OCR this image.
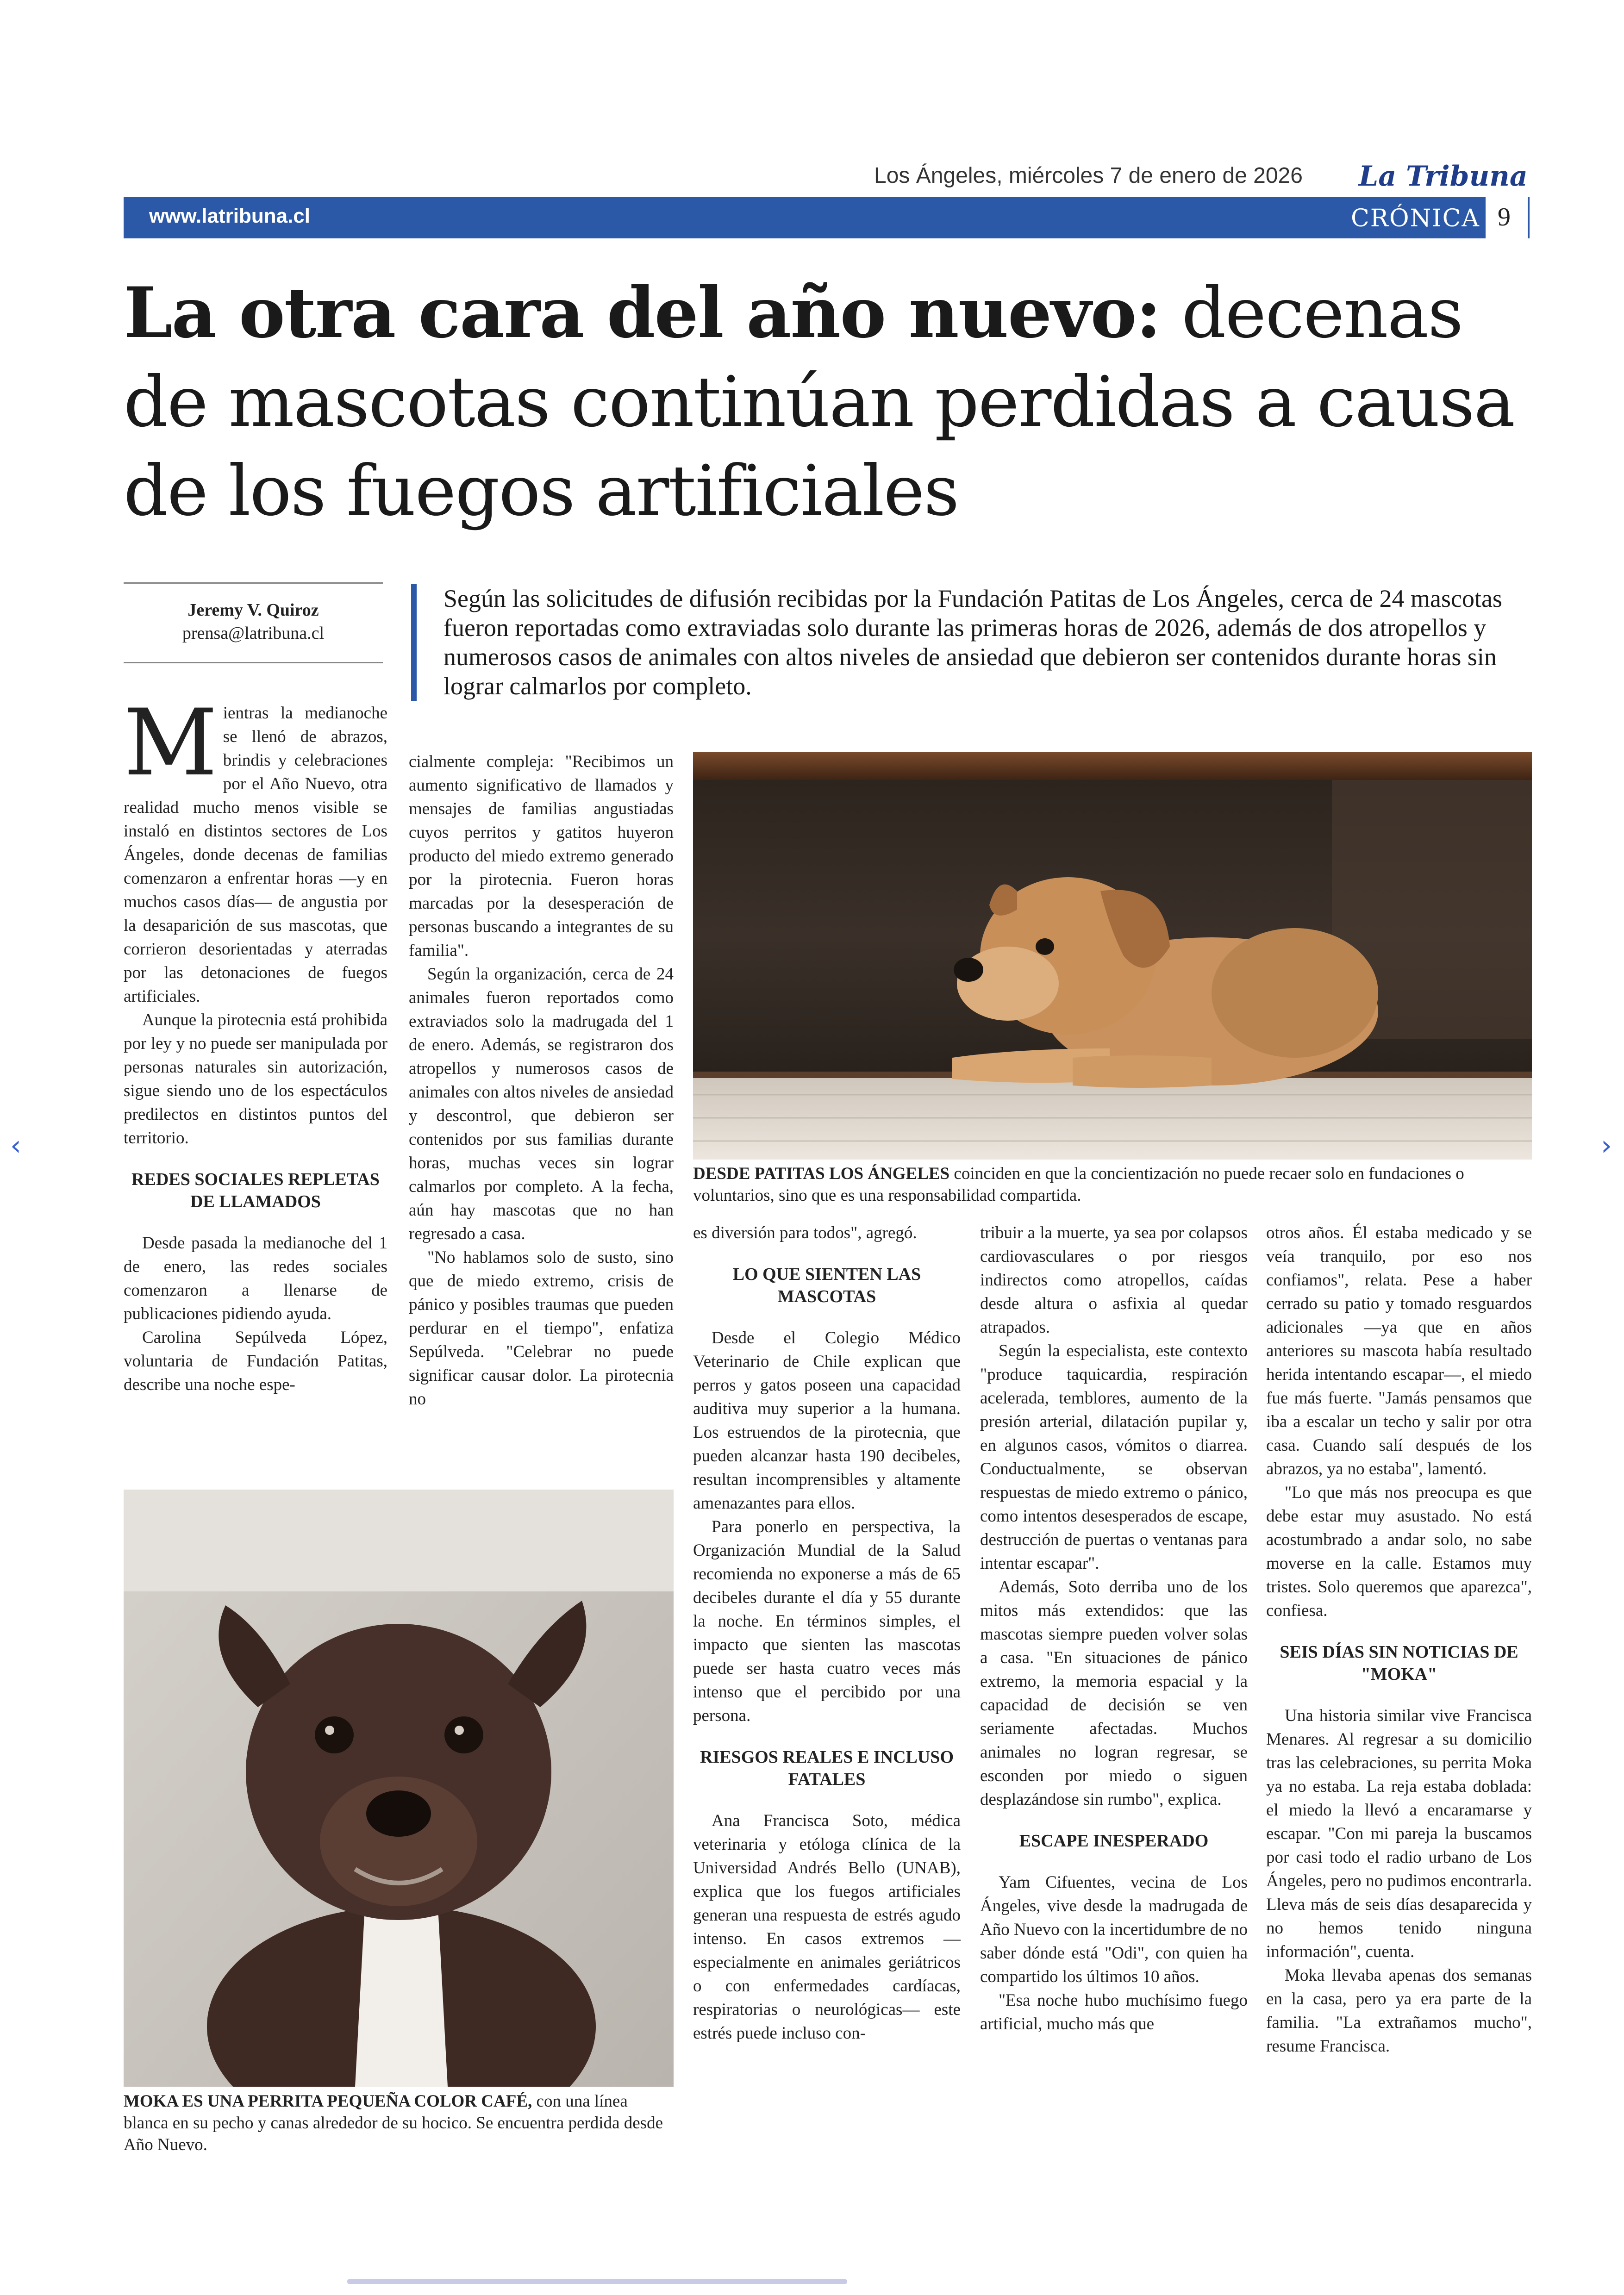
Los Ángeles, miércoles 7 de enero de 2026 La Tribuna
www.latribuna.cl	CRÓNICA 9
La otra cara del año nuevo: decenas de mascotas continúan perdidas a causa de los fuegos artificiales
Jeremy V. Quiroz
prensa@latribuna.cl
Según las solicitudes de difusión recibidas por la Fundación Patitas de Los Ángeles, cerca de 24 mascotas fueron reportadas como extraviadas solo durante las primeras horas de 2026, además de dos atropellos y numerosos casos de animales con altos niveles de ansiedad que debieron ser contenidos durante horas sin lograr calmarlos por completo.

Mientras la medianoche se llenó de abrazos, brindis y celebraciones por el Año Nuevo, otra realidad mucho menos visible se instaló en distintos sectores de Los Ángeles, donde decenas de familias comenzaron a enfrentar horas —y en muchos casos días— de angustia por la desaparición de sus mascotas, que corrieron desorientadas y aterradas por las detonaciones de fuegos artificiales.

Aunque la pirotecnia está prohibida por ley y no puede ser manipulada por personas naturales sin autorización, sigue siendo uno de los espectáculos predilectos en distintos puntos del territorio.

REDES SOCIALES REPLETAS DE LLAMADOS

Desde pasada la medianoche del 1 de enero, las redes sociales comenzaron a llenarse de publicaciones pidiendo ayuda.

Carolina Sepúlveda López, voluntaria de Fundación Patitas, describe una noche espe-

cialmente compleja: "Recibimos un aumento significativo de llamados y mensajes de familias angustiadas cuyos perritos y gatitos huyeron producto del miedo extremo generado por la pirotecnia. Fueron horas marcadas por la desesperación de personas buscando a integrantes de su familia".

Según la organización, cerca de 24 animales fueron reportados como extraviados solo la madrugada del 1 de enero. Además, se registraron dos atropellos y numerosos casos de animales con altos niveles de ansiedad y descontrol, que debieron ser contenidos por sus familias durante horas, muchas veces sin lograr calmarlos por completo. A la fecha, aún hay mascotas que no han regresado a casa.

"No hablamos solo de susto, sino que de miedo extremo, crisis de pánico y posibles traumas que pueden perdurar en el tiempo", enfatiza Sepúlveda. "Celebrar no puede significar causar dolor. La pirotecnia no

DESDE PATITAS LOS ÁNGELES coinciden en que la concientización no puede recaer solo en fundaciones o voluntarios, sino que es una responsabilidad compartida.
MOKA ES UNA PERRITA PEQUEÑA COLOR CAFÉ, con una línea blanca en su pecho y canas alrededor de su hocico. Se encuentra perdida desde Año Nuevo.

es diversión para todos", agregó.

LO QUE SIENTEN LAS MASCOTAS

Desde el Colegio Médico Veterinario de Chile explican que perros y gatos poseen una capacidad auditiva muy superior a la humana. Los estruendos de la pirotecnia, que pueden alcanzar hasta 190 decibeles, resultan incomprensibles y altamente amenazantes para ellos.

Para ponerlo en perspectiva, la Organización Mundial de la Salud recomienda no exponerse a más de 65 decibeles durante el día y 55 durante la noche. En términos simples, el impacto que sienten las mascotas puede ser hasta cuatro veces más intenso que el percibido por una persona.

RIESGOS REALES E INCLUSO FATALES

Ana Francisca Soto, médica veterinaria y etóloga clínica de la Universidad Andrés Bello (UNAB), explica que los fuegos artificiales generan una respuesta de estrés agudo intenso. En casos extremos —especialmente en animales geriátricos o con enfermedades cardíacas, respiratorias o neurológicas— este estrés puede incluso con-

tribuir a la muerte, ya sea por colapsos cardiovasculares o por riesgos indirectos como atropellos, caídas desde altura o asfixia al quedar atrapados.

Según la especialista, este contexto "produce taquicardia, respiración acelerada, temblores, aumento de la presión arterial, dilatación pupilar y, en algunos casos, vómitos o diarrea. Conductualmente, se observan respuestas de miedo extremo o pánico, como intentos desesperados de escape, destrucción de puertas o ventanas para intentar escapar".

Además, Soto derriba uno de los mitos más extendidos: que las mascotas siempre pueden volver solas a casa. "En situaciones de pánico extremo, la memoria espacial y la capacidad de decisión se ven seriamente afectadas. Muchos animales no logran regresar, se esconden por miedo o siguen desplazándose sin rumbo", explica.

ESCAPE INESPERADO

Yam Cifuentes, vecina de Los Ángeles, vive desde la madrugada de Año Nuevo con la incertidumbre de no saber dónde está "Odi", con quien ha compartido los últimos 10 años.

"Esa noche hubo muchísimo fuego artificial, mucho más que

otros años. Él estaba medicado y se veía tranquilo, por eso nos confiamos", relata. Pese a haber cerrado su patio y tomado resguardos adicionales —ya que en años anteriores su mascota había resultado herida intentando escapar—, el miedo fue más fuerte. "Jamás pensamos que iba a escalar un techo y salir por otra casa. Cuando salí después de los abrazos, ya no estaba", lamentó.

"Lo que más nos preocupa es que debe estar muy asustado. No está acostumbrado a andar solo, no sabe moverse en la calle. Estamos muy tristes. Solo queremos que aparezca", confiesa.

SEIS DÍAS SIN NOTICIAS DE "MOKA"

Una historia similar vive Francisca Menares. Al regresar a su domicilio tras las celebraciones, su perrita Moka ya no estaba. La reja estaba doblada: el miedo la llevó a encaramarse y escapar. "Con mi pareja la buscamos por casi todo el radio urbano de Los Ángeles, pero no pudimos encontrarla. Lleva más de seis días desaparecida y no hemos tenido ninguna información", cuenta.

Moka llevaba apenas dos semanas en la casa, pero ya era parte de la familia. "La extrañamos mucho", resume Francisca.

‹	›
